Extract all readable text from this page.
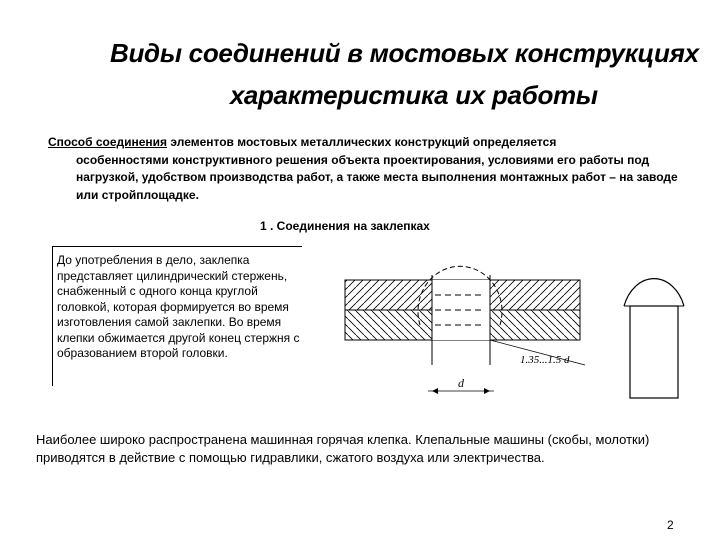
Виды соединений в мостовых конструкциях
характеристика их работы
Способ соединения элементов мостовых металлических конструкций определяется
особенностями конструктивного решения объекта проектирования, условиями его работы под нагрузкой, удобством производства работ, а также места выполнения монтажных работ – на заводе или стройплощадке.
1 . Соединения на заклепках
До употребления в дело, заклепка представляет цилиндрический стержень, снабженный с одного конца круглой головкой, которая формируется во время изготовления самой заклепки. Во время клепки обжимается другой конец стержня с образованием второй головки.	1.35...1.5 d
d
Наиболее широко распространена машинная горячая клепка. Клепальные машины (скобы, молотки) приводятся в действие с помощью гидравлики, сжатого воздуха или электричества.
2
